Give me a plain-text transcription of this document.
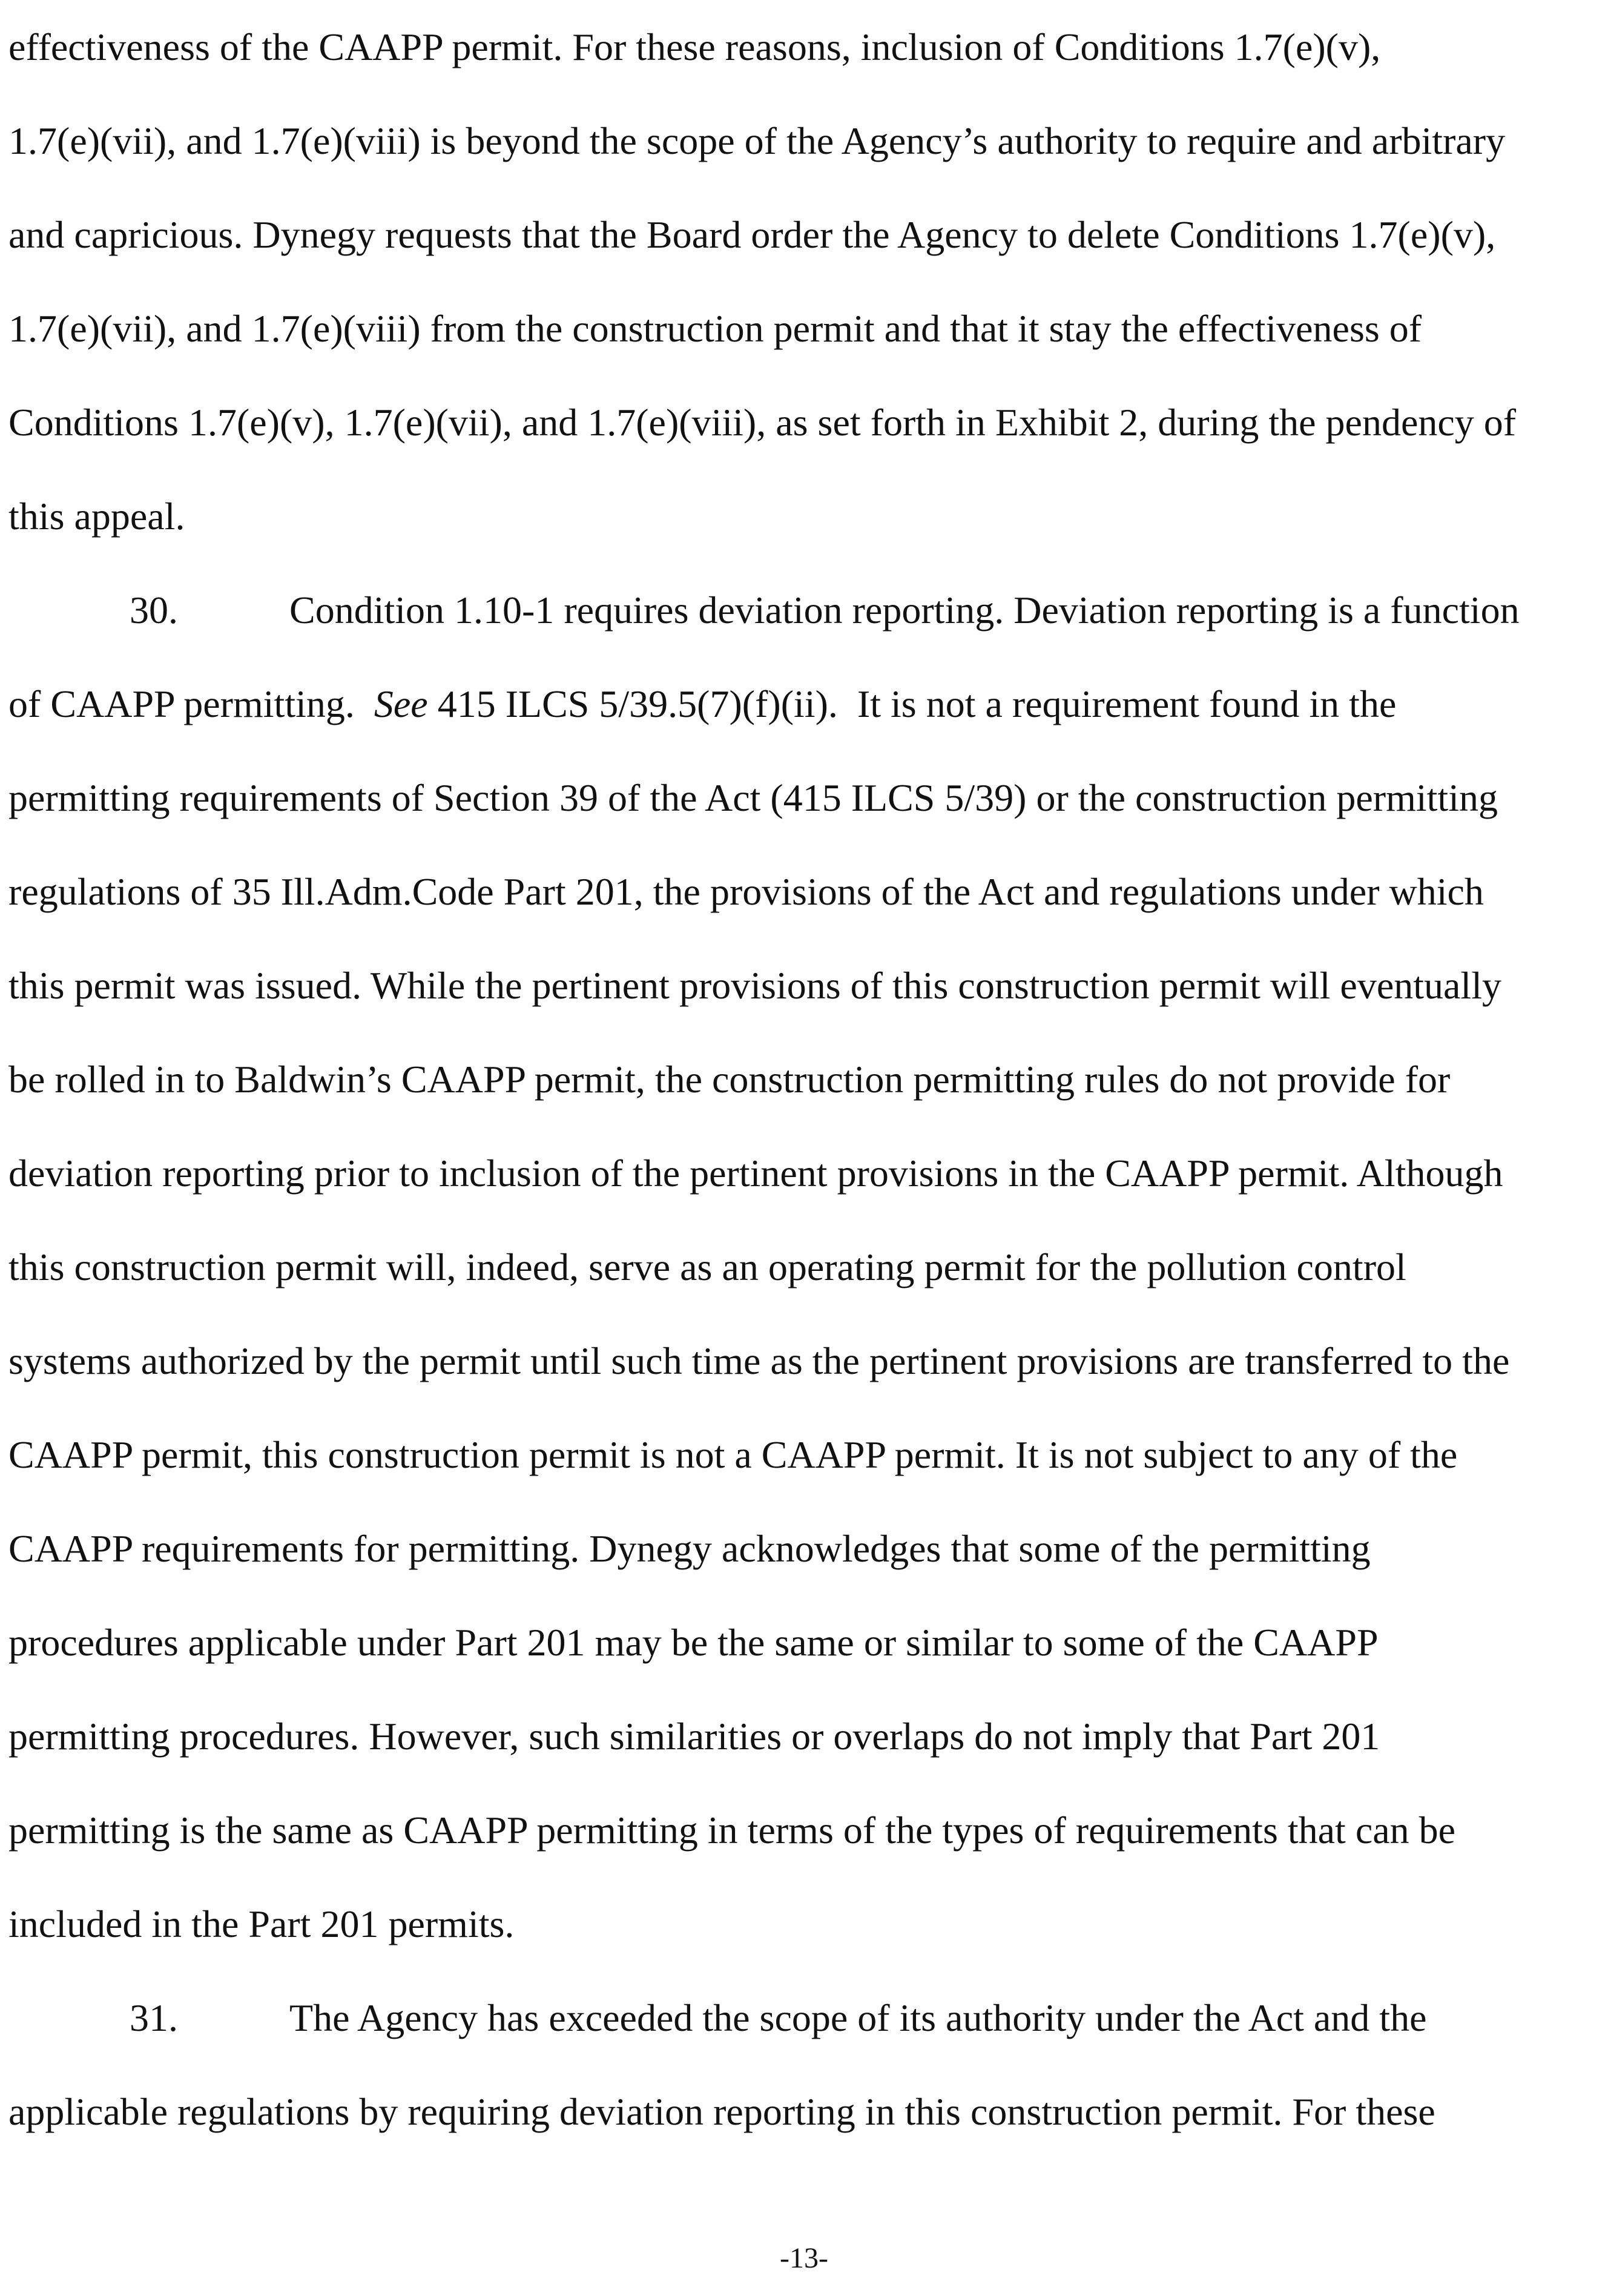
effectiveness of the CAAPP permit. For these reasons, inclusion of Conditions 1.7(e)(v),
1.7(e)(vii), and 1.7(e)(viii) is beyond the scope of the Agency’s authority to require and arbitrary
and capricious. Dynegy requests that the Board order the Agency to delete Conditions 1.7(e)(v),
1.7(e)(vii), and 1.7(e)(viii) from the construction permit and that it stay the effectiveness of
Conditions 1.7(e)(v), 1.7(e)(vii), and 1.7(e)(viii), as set forth in Exhibit 2, during the pendency of
this appeal.
30.	Condition 1.10-1 requires deviation reporting. Deviation reporting is a function
of CAAPP permitting.  See 415 ILCS 5/39.5(7)(f)(ii).  It is not a requirement found in the
permitting requirements of Section 39 of the Act (415 ILCS 5/39) or the construction permitting
regulations of 35 Ill.Adm.Code Part 201, the provisions of the Act and regulations under which
this permit was issued. While the pertinent provisions of this construction permit will eventually
be rolled in to Baldwin’s CAAPP permit, the construction permitting rules do not provide for
deviation reporting prior to inclusion of the pertinent provisions in the CAAPP permit. Although
this construction permit will, indeed, serve as an operating permit for the pollution control
systems authorized by the permit until such time as the pertinent provisions are transferred to the
CAAPP permit, this construction permit is not a CAAPP permit. It is not subject to any of the
CAAPP requirements for permitting. Dynegy acknowledges that some of the permitting
procedures applicable under Part 201 may be the same or similar to some of the CAAPP
permitting procedures. However, such similarities or overlaps do not imply that Part 201
permitting is the same as CAAPP permitting in terms of the types of requirements that can be
included in the Part 201 permits.
31.	The Agency has exceeded the scope of its authority under the Act and the
applicable regulations by requiring deviation reporting in this construction permit. For these
-13-
